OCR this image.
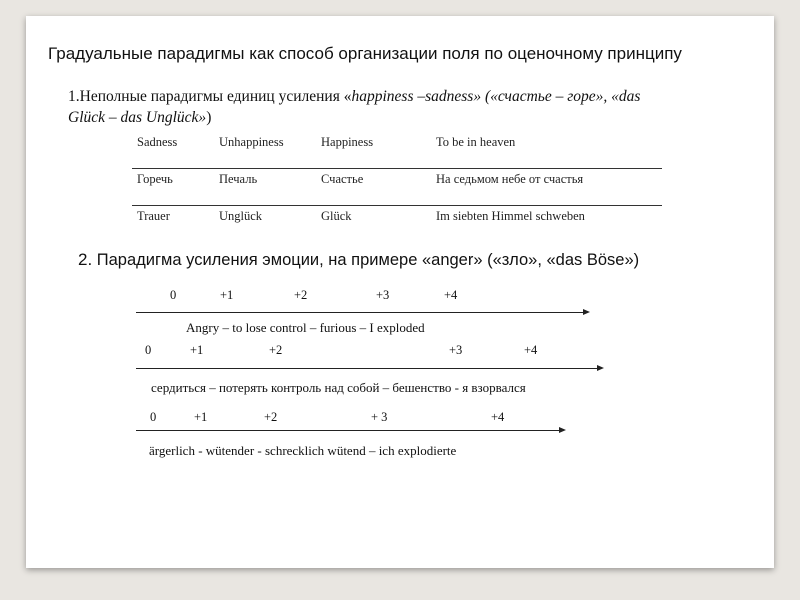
Градуальные парадигмы как способ организации поля по оценочному принципу
1.Неполные парадигмы единиц усиления «happiness –sadness» («счастье – горе», «das
Glück – das Unglück»)
Sadness	Unhappiness	Happiness	To be in heaven
Горечь	Печаль	Счастье	На седьмом небе от счастья
Trauer	Unglück	Glück	Im siebten Himmel schweben
2. Парадигма усиления эмоции, на примере «anger» («зло», «das Böse»)
0	+1	+2	+3	+4
Angry – to lose control – furious – I exploded
0	+1	+2	+3	+4
сердиться – потерять контроль над собой – бешенство - я взорвался
0	+1	+2	+ 3	+4
ärgerlich - wütender - schrecklich wütend – ich explodierte
